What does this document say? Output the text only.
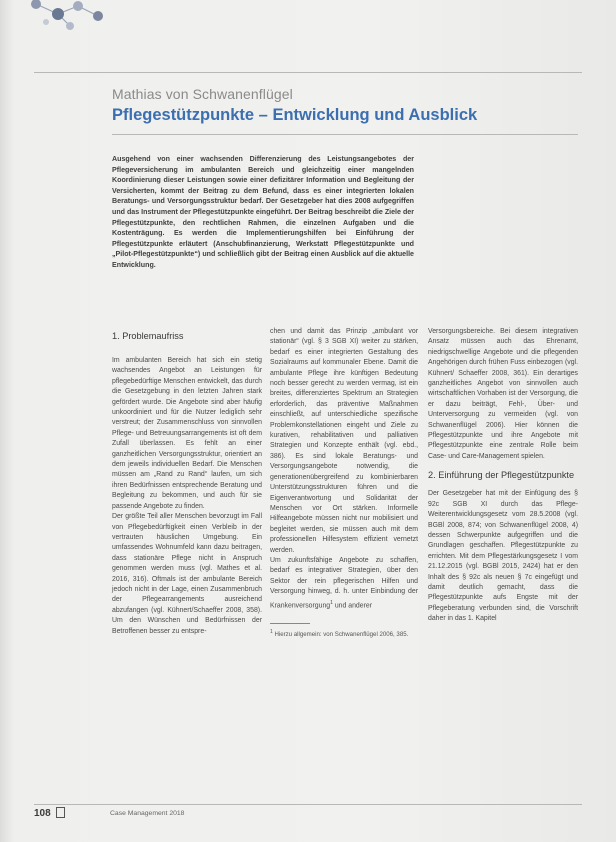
Mathias von Schwanenflügel
Pflegestützpunkte – Entwicklung und Ausblick
Ausgehend von einer wachsenden Differenzierung des Leistungsangebotes der Pflegeversicherung im ambulanten Bereich und gleichzeitig einer mangelnden Koordinierung dieser Leistungen sowie einer defizitärer Information und Begleitung der Versicherten, kommt der Beitrag zu dem Befund, dass es einer integrierten lokalen Beratungs- und Versorgungsstruktur bedarf. Der Gesetzgeber hat dies 2008 aufgegriffen und das Instrument der Pflegestützpunkte eingeführt. Der Beitrag beschreibt die Ziele der Pflegestützpunkte, den rechtlichen Rahmen, die einzelnen Aufgaben und die Kostenträgung. Es werden die Implementierungshilfen bei Einführung der Pflegestützpunkte erläutert (Anschubfinanzierung, Werkstatt Pflegestützpunkte und „Pilot-Pflegestützpunkte“) und schließlich gibt der Beitrag einen Ausblick auf die aktuelle Entwicklung.
1. Problemaufriss

Im ambulanten Bereich hat sich ein stetig wachsendes Angebot an Leistungen für pflegebedürftige Menschen entwickelt, das durch die Gesetzgebung in den letzten Jahren stark gefördert wurde. Die Angebote sind aber häufig unkoordiniert und für die Nutzer lediglich sehr verstreut; der Zusammenschluss von sinnvollen Pflege- und Betreuungsarrangements ist oft dem Zufall überlassen. Es fehlt an einer ganzheitlichen Versorgungsstruktur, orientiert an dem jeweils individuellen Bedarf. Die Menschen müssen am „Rand zu Rand“ laufen, um sich ihren Bedürfnissen entsprechende Beratung und Begleitung zu bekommen, und auch für sie passende Angebote zu finden.

Der größte Teil aller Menschen bevorzugt im Fall von Pflegebedürftigkeit einen Verbleib in der vertrauten häuslichen Umgebung. Ein umfassendes Wohnumfeld kann dazu beitragen, dass stationäre Pflege nicht in Anspruch genommen werden muss (vgl. Mathes et al. 2016, 316). Oftmals ist der ambulante Bereich jedoch nicht in der Lage, einen Zusammenbruch der Pflegearrangements ausreichend abzufangen (vgl. Kühnert/Schaeffer 2008, 358). Um den Wünschen und Bedürfnissen der Betroffenen besser zu entspre-

chen und damit das Prinzip „ambulant vor stationär“ (vgl. § 3 SGB XI) weiter zu stärken, bedarf es einer integrierten Gestaltung des Sozialraums auf kommunaler Ebene. Damit die ambulante Pflege ihre künftigen Bedeutung noch besser gerecht zu werden vermag, ist ein breites, differenziertes Spektrum an Strategien erforderlich, das präventive Maßnahmen einschließt, auf unterschiedliche spezifische Problemkonstellationen eingeht und Ziele zu kurativen, rehabilitativen und palliativen Strategien und Konzepte enthält (vgl. ebd., 386). Es sind lokale Beratungs- und Versorgungsangebote notwendig, die generationenübergreifend zu kombinierbaren Unterstützungsstrukturen führen und die Eigenverantwortung und Solidarität der Menschen vor Ort stärken. Informelle Hilfeangebote müssen nicht nur mobilisiert und begleitet werden, sie müssen auch mit dem professionellen Hilfesystem effizient vernetzt werden.

Um zukunftsfähige Angebote zu schaffen, bedarf es integrativer Strategien, über den Sektor der rein pflegerischen Hilfen und Versorgung hinweg, d. h. unter Einbindung der Krankenversorgung$^1$ und anderer

$^1$ Hierzu allgemein: von Schwanenflügel 2006, 385.

Versorgungsbereiche. Bei diesem integrativen Ansatz müssen auch das Ehrenamt, niedrigschwellige Angebote und die pflegenden Angehörigen durch frühen Fuss einbezogen (vgl. Kühnert/ Schaeffer 2008, 361). Ein derartiges ganzheitliches Angebot von sinnvollen auch wirtschaftlichen Vorhaben ist der Versorgung, die er dazu beiträgt, Fehl-, Über- und Unterversorgung zu vermeiden (vgl. von Schwanenflügel 2006). Hier können die Pflegestützpunkte und ihre Angebote mit Pflegestützpunkte eine zentrale Rolle beim Case- und Care-Management spielen.

2. Einführung der Pflegestützpunkte

Der Gesetzgeber hat mit der Einfügung des § 92c SGB XI durch das Pflege-Weiterentwicklungsgesetz vom 28.5.2008 (vgl. BGBl 2008, 874; von Schwanenflügel 2008, 4) dessen Schwerpunkte aufgegriffen und die Grundlagen geschaffen. Pflegestützpunkte zu errichten. Mit dem Pflegestärkungsgesetz I vom 21.12.2015 (vgl. BGBl 2015, 2424) hat er den Inhalt des § 92c als neuen § 7c eingefügt und damit deutlich gemacht, dass die Pflegestützpunkte aufs Engste mit der Pflegeberatung verbunden sind, die Vorschrift daher in das 1. Kapitel

108	Case Management 2018
